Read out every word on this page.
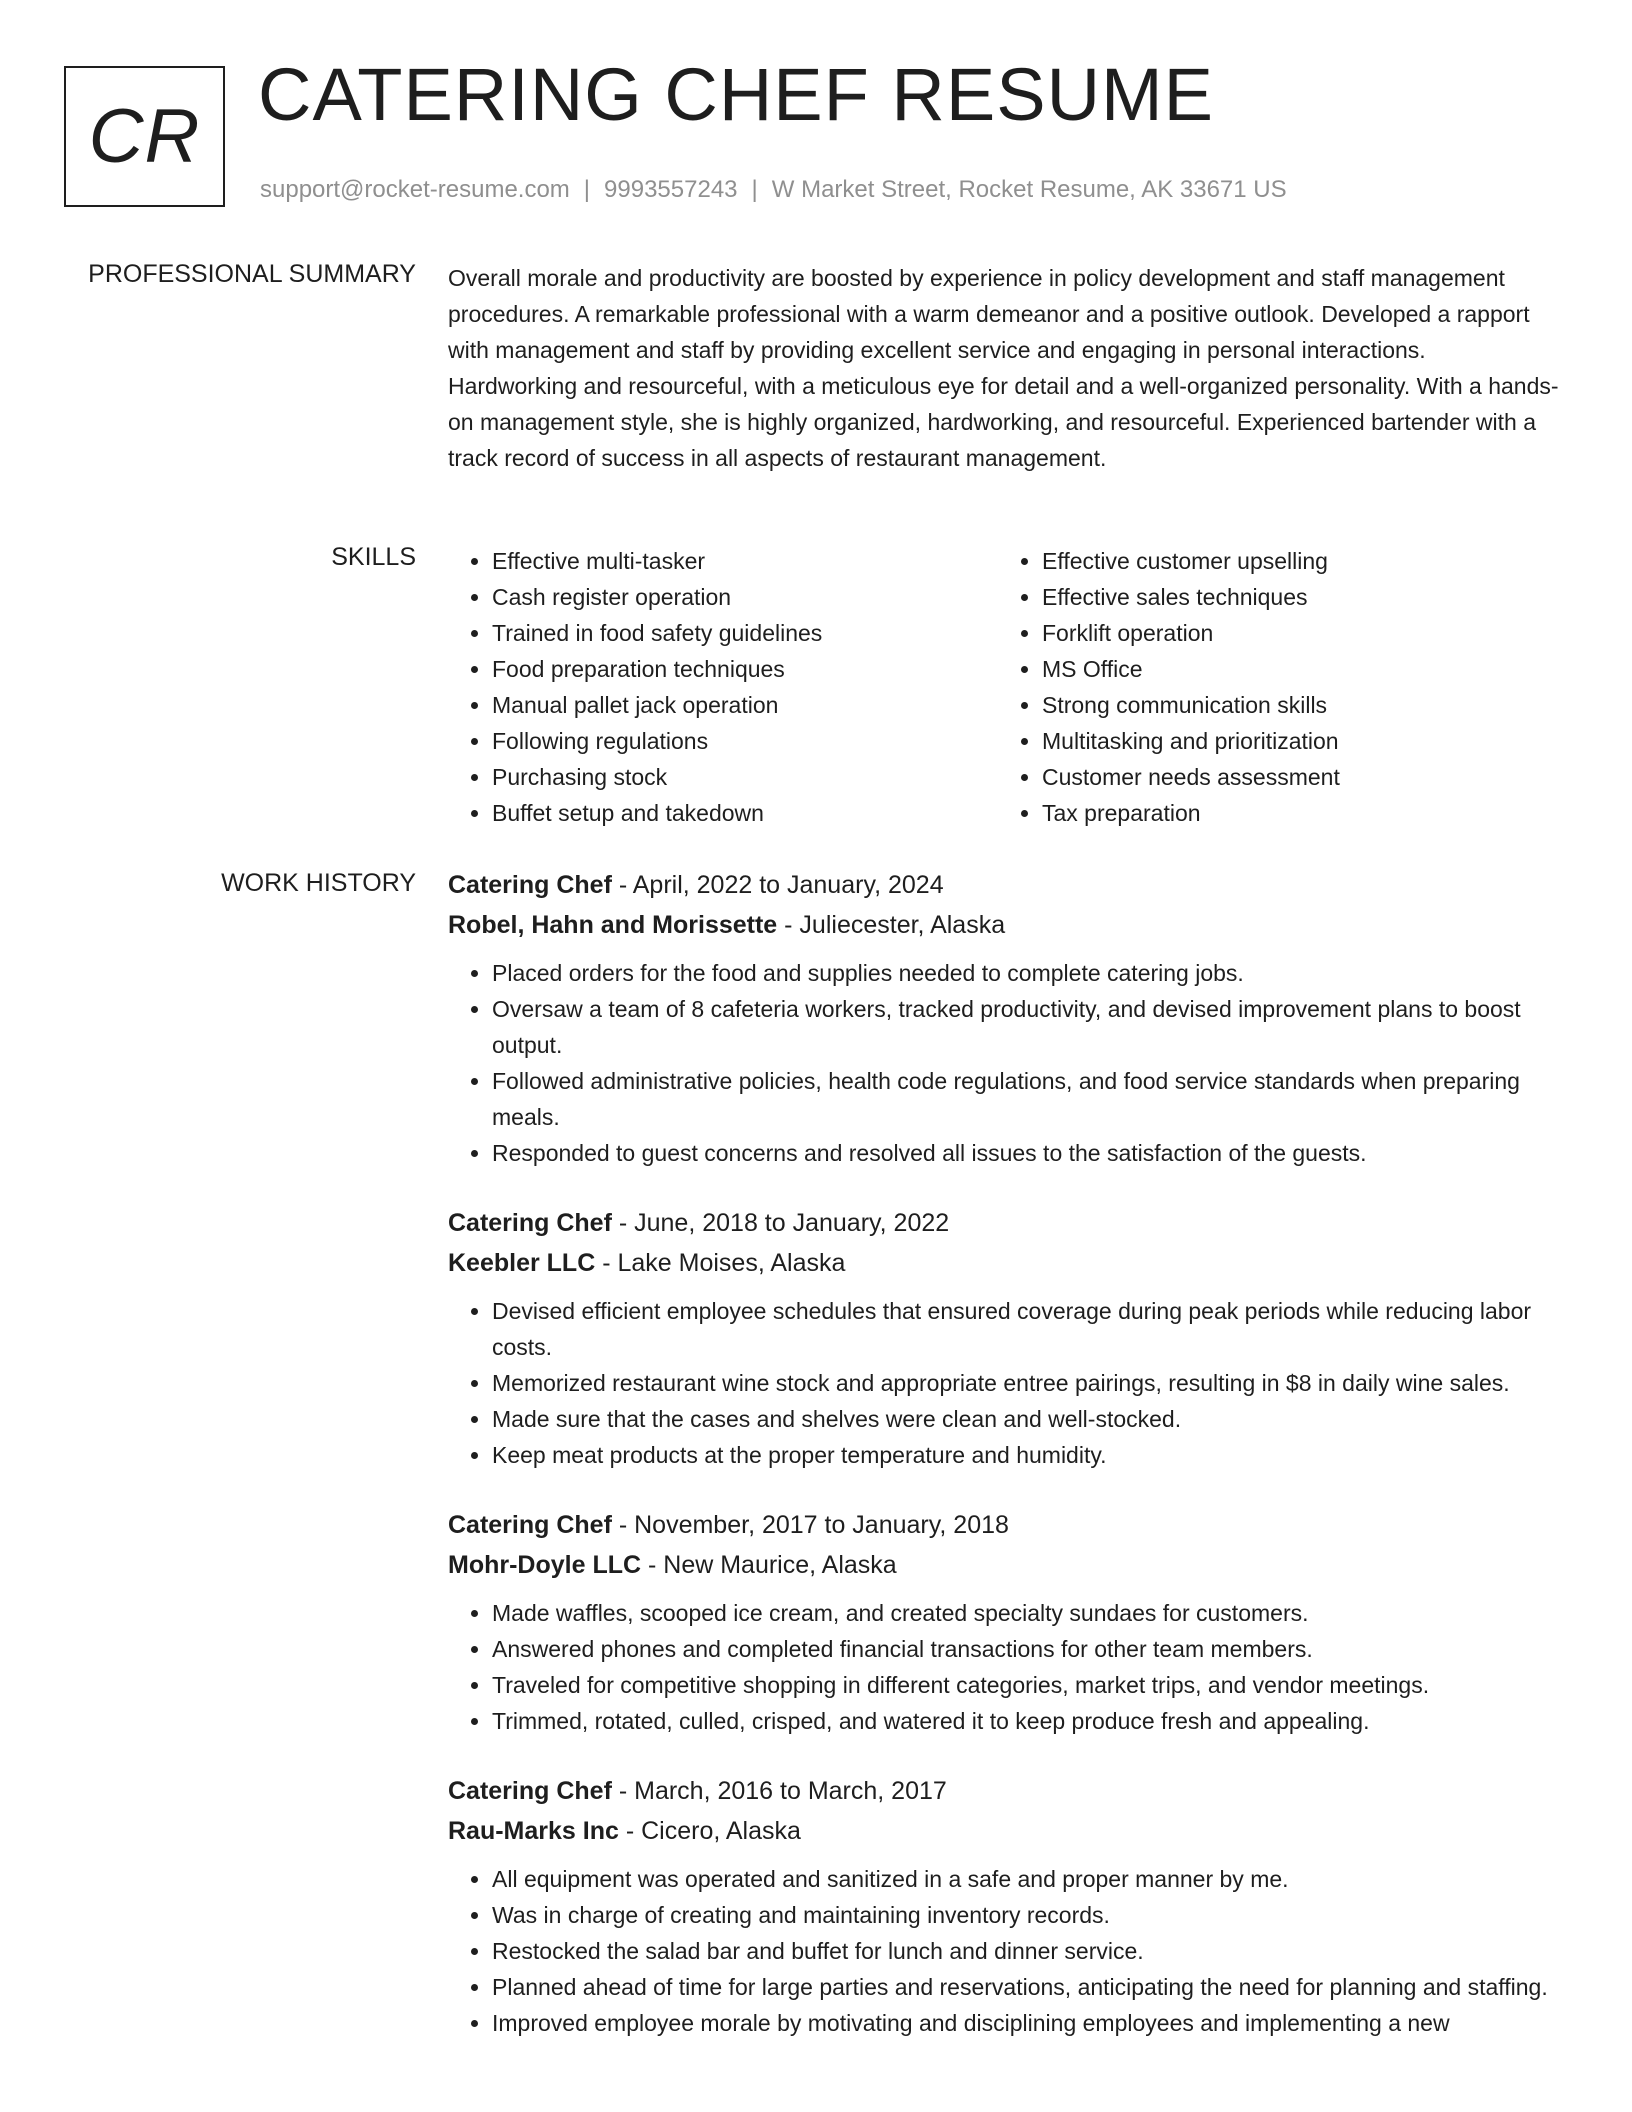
CR CATERING CHEF RESUME
support@rocket-resume.com | 9993557243 | W Market Street, Rocket Resume, AK 33671 US
PROFESSIONAL SUMMARY Overall morale and productivity are boosted by experience in policy development and staff management procedures. A remarkable professional with a warm demeanor and a positive outlook. Developed a rapport with management and staff by providing excellent service and engaging in personal interactions. Hardworking and resourceful, with a meticulous eye for detail and a well-organized personality. With a hands-on management style, she is highly organized, hardworking, and resourceful. Experienced bartender with a track record of success in all aspects of restaurant management.
SKILLS
•	Effective multi-tasker
• Cash register operation
• Trained in food safety guidelines
• Food preparation techniques
• Manual pallet jack operation
• Following regulations
• Purchasing stock
• Buffet setup and takedown
• Effective customer upselling
• Effective sales techniques
• Forklift operation
• MS Office
• Strong communication skills
• Multitasking and prioritization
• Customer needs assessment
• Tax preparation
WORK HISTORY Catering Chef - April, 2022 to January, 2024
Robel, Hahn and Morissette - Juliecester, Alaska
• Placed orders for the food and supplies needed to complete catering jobs.
• Oversaw a team of 8 cafeteria workers, tracked productivity, and devised improvement plans to boost output.
• Followed administrative policies, health code regulations, and food service standards when preparing meals.
• Responded to guest concerns and resolved all issues to the satisfaction of the guests.
Catering Chef - June, 2018 to January, 2022
Keebler LLC - Lake Moises, Alaska
• Devised efficient employee schedules that ensured coverage during peak periods while reducing labor costs.
• Memorized restaurant wine stock and appropriate entree pairings, resulting in $8 in daily wine sales.
• Made sure that the cases and shelves were clean and well-stocked.
• Keep meat products at the proper temperature and humidity.
Catering Chef - November, 2017 to January, 2018
Mohr-Doyle LLC - New Maurice, Alaska
• Made waffles, scooped ice cream, and created specialty sundaes for customers.
• Answered phones and completed financial transactions for other team members.
• Traveled for competitive shopping in different categories, market trips, and vendor meetings.
• Trimmed, rotated, culled, crisped, and watered it to keep produce fresh and appealing.
Catering Chef - March, 2016 to March, 2017
Rau-Marks Inc - Cicero, Alaska
• All equipment was operated and sanitized in a safe and proper manner by me.
• Was in charge of creating and maintaining inventory records.
• Restocked the salad bar and buffet for lunch and dinner service.
• Planned ahead of time for large parties and reservations, anticipating the need for planning and staffing.
• Improved employee morale by motivating and disciplining employees and implementing a new
